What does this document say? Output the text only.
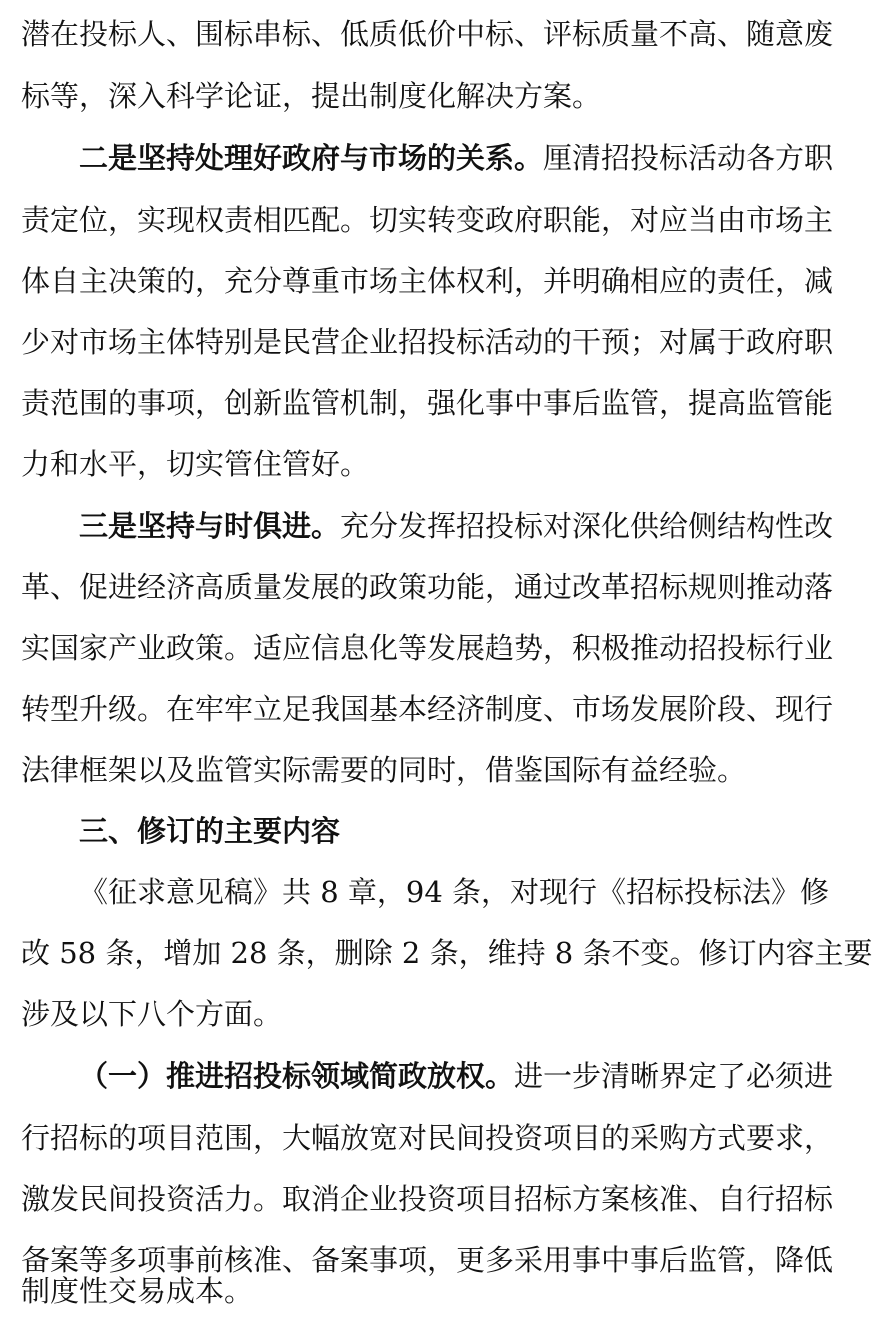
潜在投标人、围标串标、低质低价中标、评标质量不高、随意废
标等，深入科学论证，提出制度化解决方案。
二是坚持处理好政府与市场的关系。厘清招投标活动各方职
责定位，实现权责相匹配。切实转变政府职能，对应当由市场主
体自主决策的，充分尊重市场主体权利，并明确相应的责任，减
少对市场主体特别是民营企业招投标活动的干预；对属于政府职
责范围的事项，创新监管机制，强化事中事后监管，提高监管能
力和水平，切实管住管好。
三是坚持与时俱进。充分发挥招投标对深化供给侧结构性改
革、促进经济高质量发展的政策功能，通过改革招标规则推动落
实国家产业政策。适应信息化等发展趋势，积极推动招投标行业
转型升级。在牢牢立足我国基本经济制度、市场发展阶段、现行
法律框架以及监管实际需要的同时，借鉴国际有益经验。
三、修订的主要内容
《征求意见稿》共 8 章，94 条，对现行《招标投标法》修
改 58 条，增加 28 条，删除 2 条，维持 8 条不变。修订内容主要
涉及以下八个方面。
（一）推进招投标领域简政放权。进一步清晰界定了必须进
行招标的项目范围，大幅放宽对民间投资项目的采购方式要求，
激发民间投资活力。取消企业投资项目招标方案核准、自行招标
备案等多项事前核准、备案事项，更多采用事中事后监管，降低
制度性交易成本。
